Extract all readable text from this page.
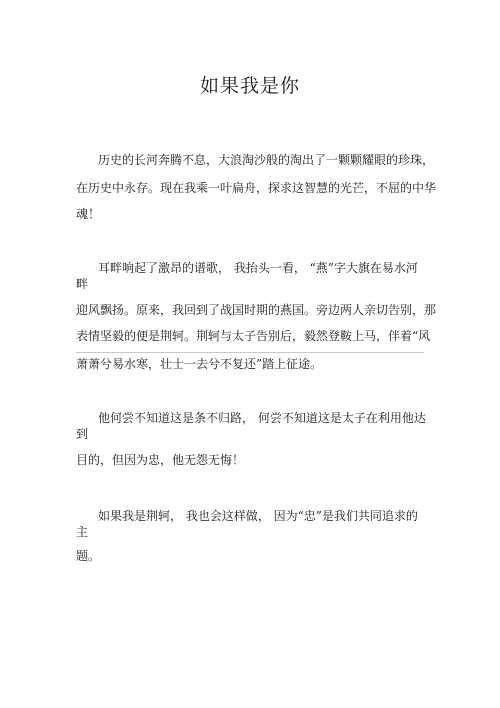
如果我是你

历史的长河奔腾不息，大浪淘沙般的淘出了一颗颗耀眼的珍珠，

在历史中永存。现在我乘一叶扁舟，探求这智慧的光芒，不屈的中华

魂！

耳畔响起了激昂的谱歌， 我抬头一看， “燕”字大旗在易水河

畔

迎风飘扬。原来，我回到了战国时期的燕国。旁边两人亲切告别，那

表情坚毅的便是荆轲。荆轲与太子告别后，毅然登鞍上马，伴着“风

萧萧兮易水寒，壮士一去兮不复还”踏上征途。

他何尝不知道这是条不归路， 何尝不知道这是太子在利用他达

到

目的，但因为忠，他无怨无悔！

如果我是荆轲， 我也会这样做， 因为“忠”是我们共同追求的

主

题。
